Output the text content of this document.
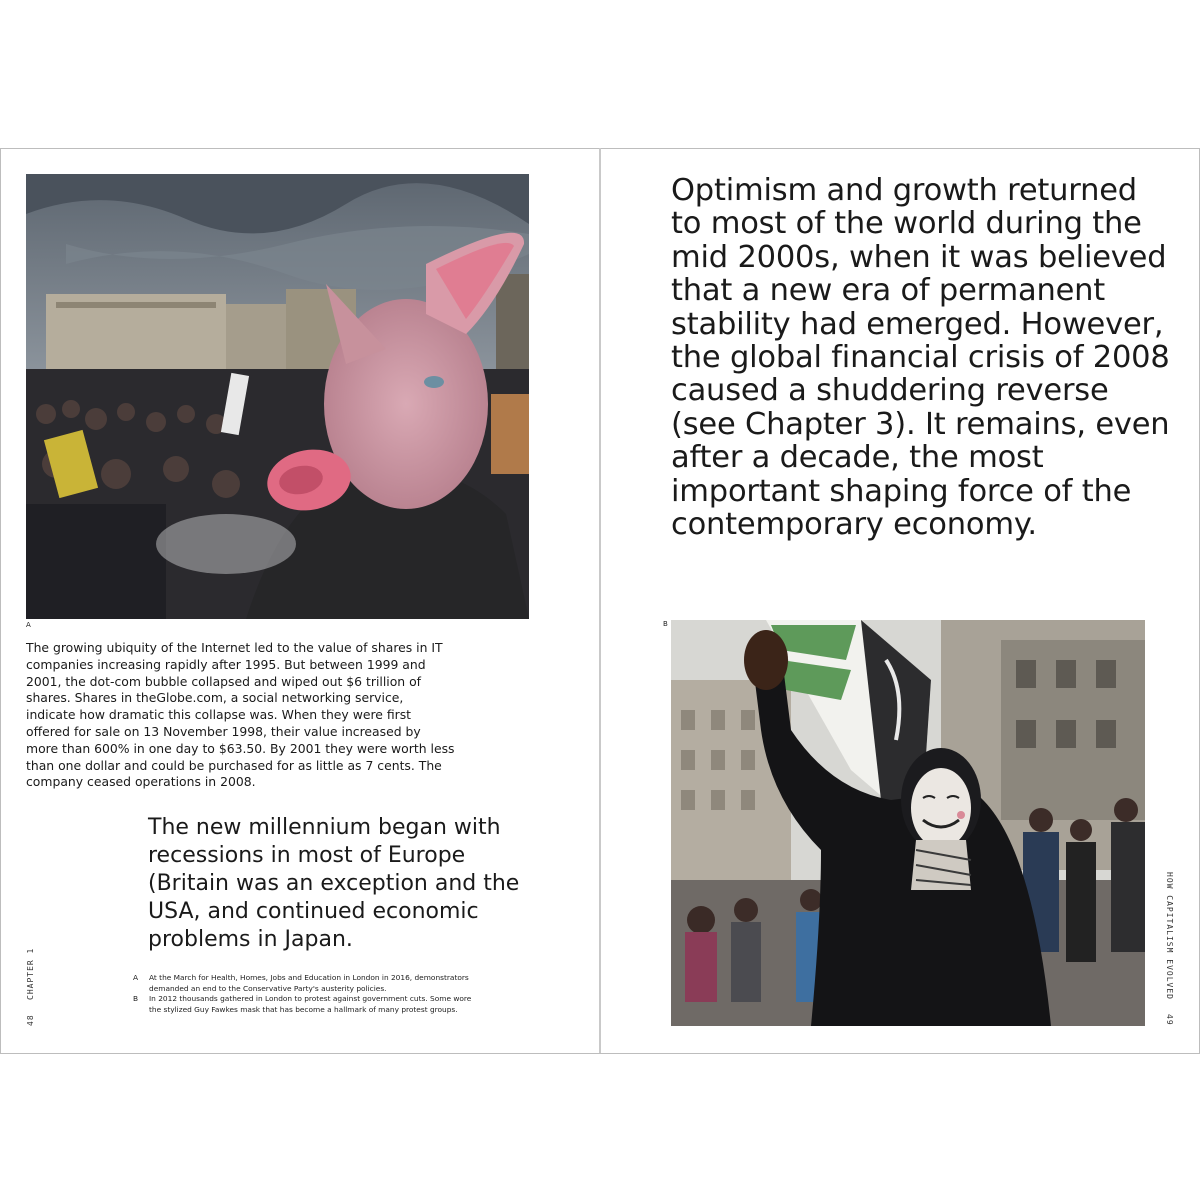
A

The growing ubiquity of the Internet led to the value of shares in IT companies increasing rapidly after 1995. But between 1999 and 2001, the dot-com bubble collapsed and wiped out $6 trillion of shares. Shares in theGlobe.com, a social networking service, indicate how dramatic this collapse was. When they were first offered for sale on 13 November 1998, their value increased by more than 600% in one day to $63.50. By 2001 they were worth less than one dollar and could be purchased for as little as 7 cents. The company ceased operations in 2008.

The new millennium began with recessions in most of Europe (Britain was an exception and the USA, and continued economic problems in Japan.

A At the March for Health, Homes, Jobs and Education in London in 2016, demonstrators demanded an end to the Conservative Party's austerity policies.
B In 2012 thousands gathered in London to protest against government cuts. Some wore the stylized Guy Fawkes mask that has become a hallmark of many protest groups.
CHAPTER 1
48

Optimism and growth returned to most of the world during the mid 2000s, when it was believed that a new era of permanent stability had emerged. However, the global financial crisis of 2008 caused a shuddering reverse (see Chapter 3). It remains, even after a decade, the most important shaping force of the contemporary economy.

B
HOW CAPITALISM EVOLVED
49
